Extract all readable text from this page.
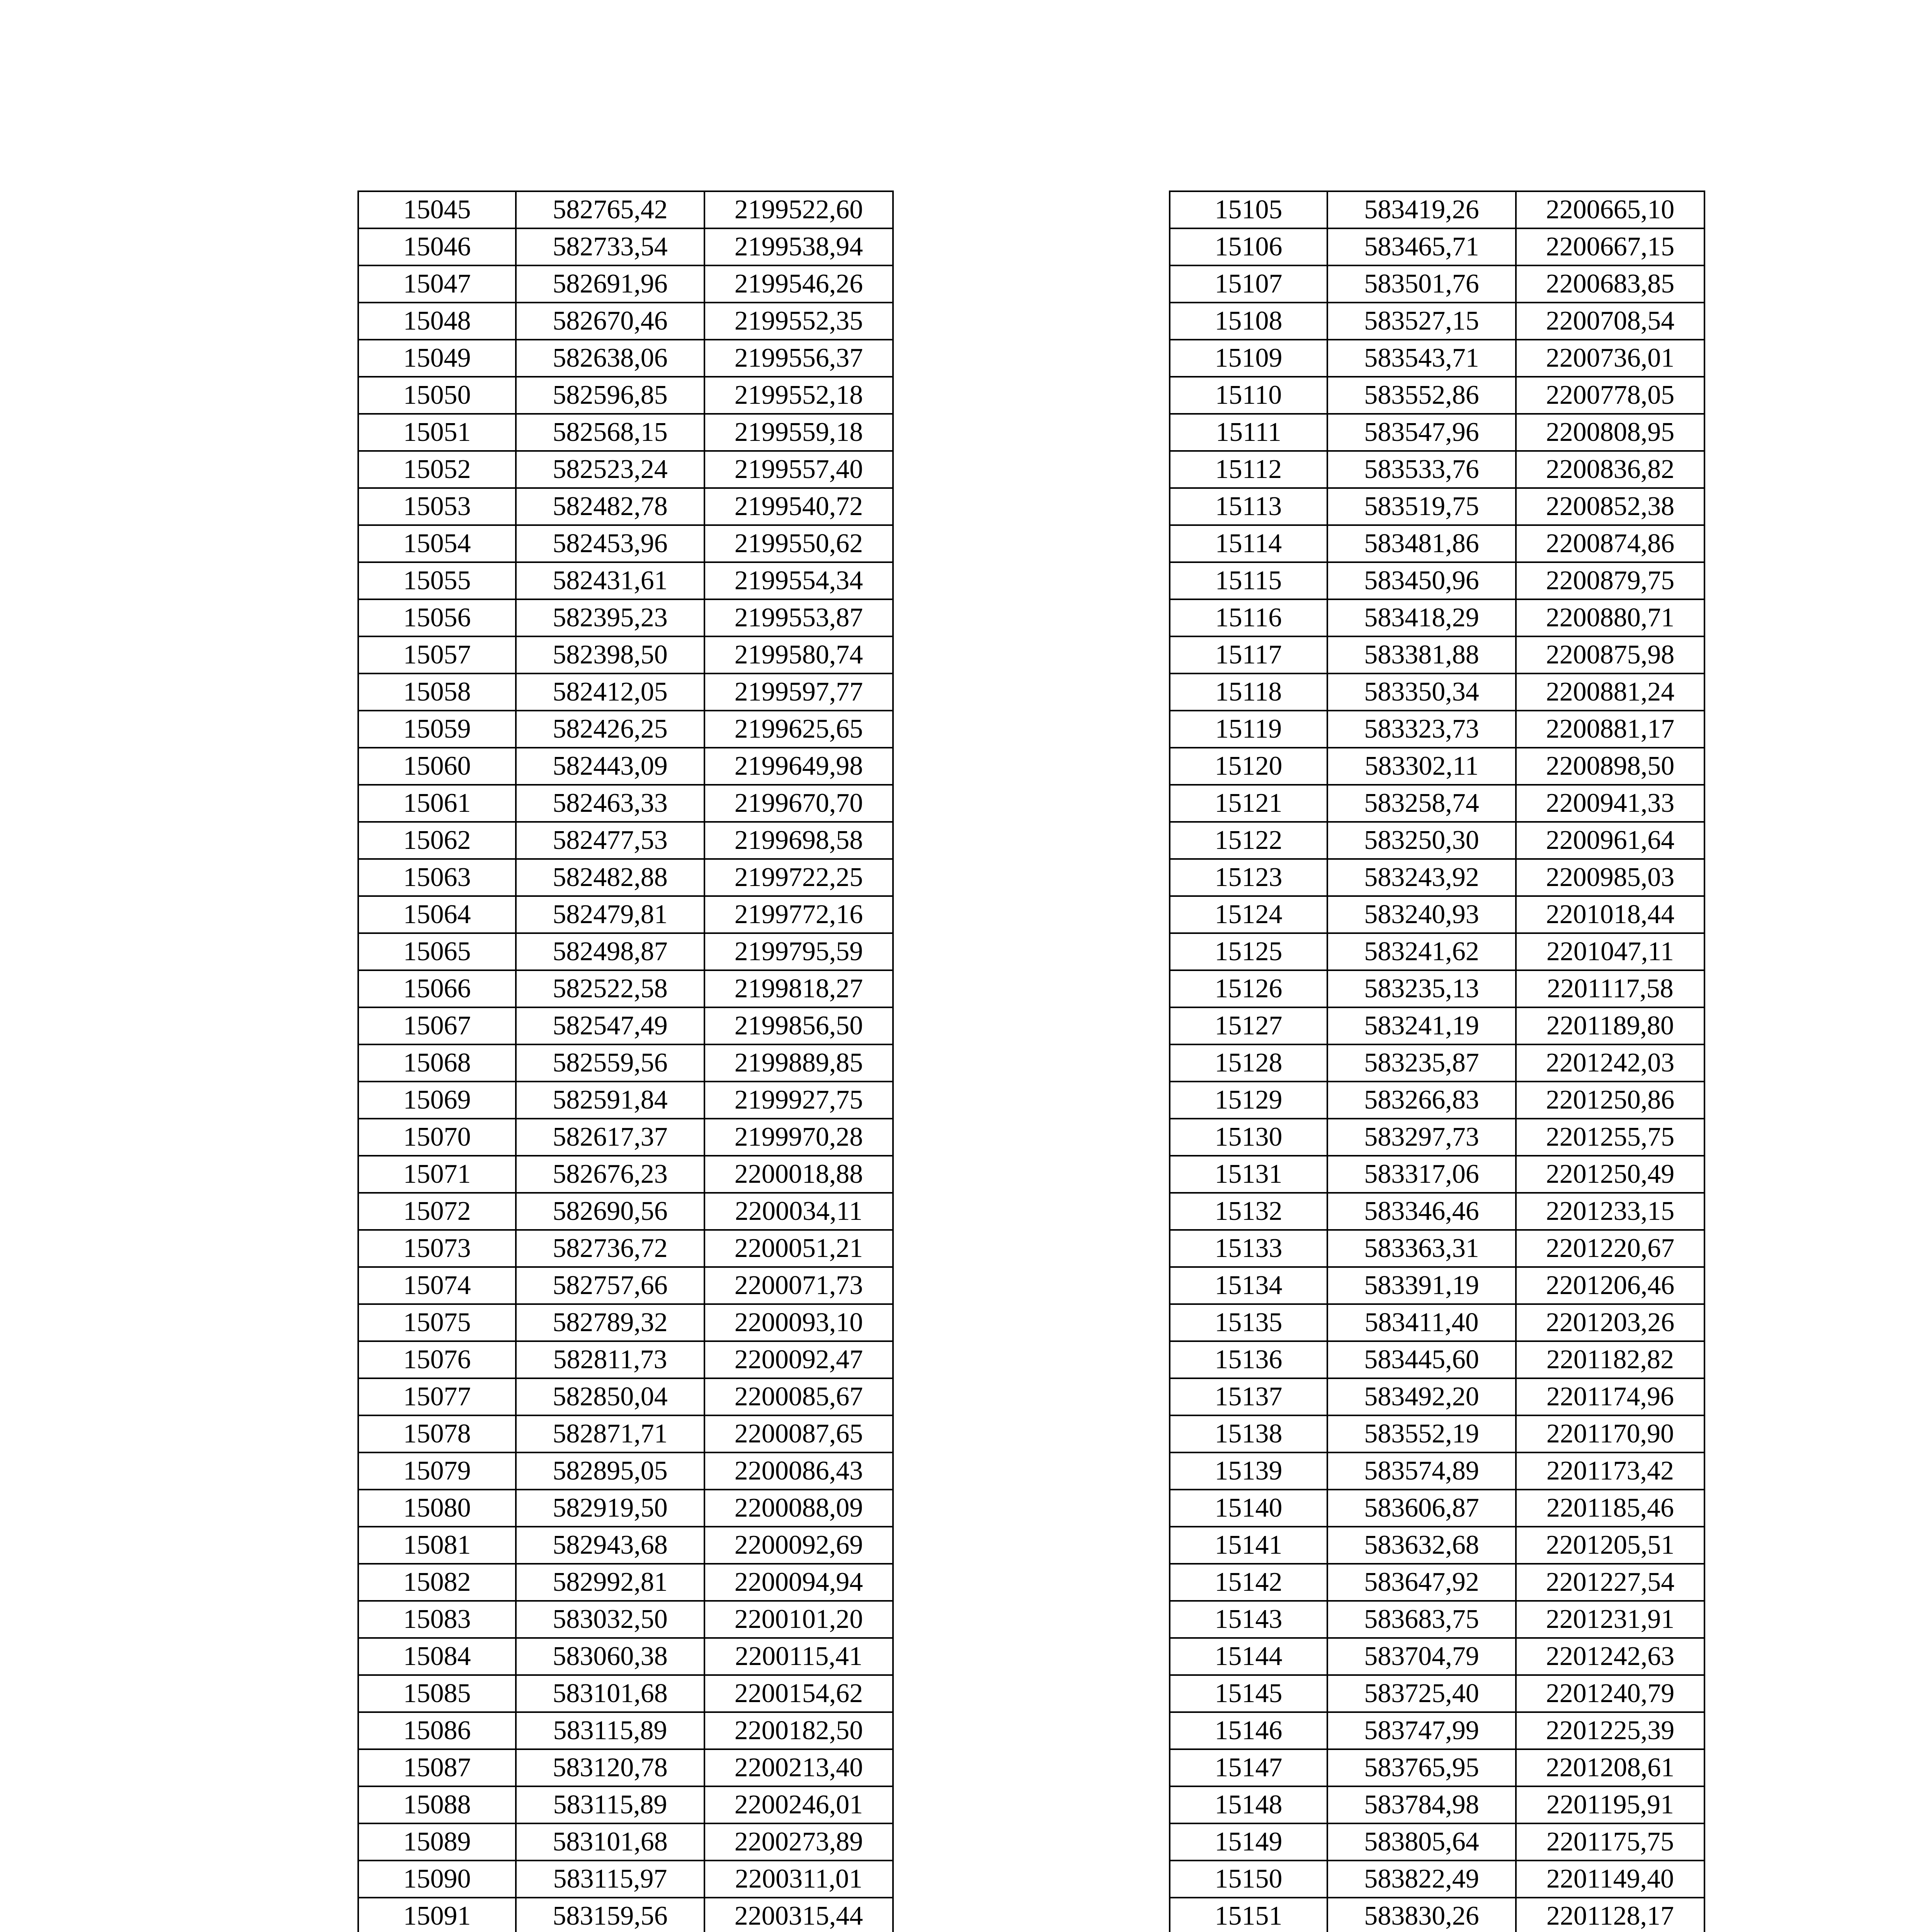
15045	582765,42	2199522,60
15046	582733,54	2199538,94
15047	582691,96	2199546,26
15048	582670,46	2199552,35
15049	582638,06	2199556,37
15050	582596,85	2199552,18
15051	582568,15	2199559,18
15052	582523,24	2199557,40
15053	582482,78	2199540,72
15054	582453,96	2199550,62
15055	582431,61	2199554,34
15056	582395,23	2199553,87
15057	582398,50	2199580,74
15058	582412,05	2199597,77
15059	582426,25	2199625,65
15060	582443,09	2199649,98
15061	582463,33	2199670,70
15062	582477,53	2199698,58
15063	582482,88	2199722,25
15064	582479,81	2199772,16
15065	582498,87	2199795,59
15066	582522,58	2199818,27
15067	582547,49	2199856,50
15068	582559,56	2199889,85
15069	582591,84	2199927,75
15070	582617,37	2199970,28
15071	582676,23	2200018,88
15072	582690,56	2200034,11
15073	582736,72	2200051,21
15074	582757,66	2200071,73
15075	582789,32	2200093,10
15076	582811,73	2200092,47
15077	582850,04	2200085,67
15078	582871,71	2200087,65
15079	582895,05	2200086,43
15080	582919,50	2200088,09
15081	582943,68	2200092,69
15082	582992,81	2200094,94
15083	583032,50	2200101,20
15084	583060,38	2200115,41
15085	583101,68	2200154,62
15086	583115,89	2200182,50
15087	583120,78	2200213,40
15088	583115,89	2200246,01
15089	583101,68	2200273,89
15090	583115,97	2200311,01
15091	583159,56	2200315,44

15105	583419,26	2200665,10
15106	583465,71	2200667,15
15107	583501,76	2200683,85
15108	583527,15	2200708,54
15109	583543,71	2200736,01
15110	583552,86	2200778,05
15111	583547,96	2200808,95
15112	583533,76	2200836,82
15113	583519,75	2200852,38
15114	583481,86	2200874,86
15115	583450,96	2200879,75
15116	583418,29	2200880,71
15117	583381,88	2200875,98
15118	583350,34	2200881,24
15119	583323,73	2200881,17
15120	583302,11	2200898,50
15121	583258,74	2200941,33
15122	583250,30	2200961,64
15123	583243,92	2200985,03
15124	583240,93	2201018,44
15125	583241,62	2201047,11
15126	583235,13	2201117,58
15127	583241,19	2201189,80
15128	583235,87	2201242,03
15129	583266,83	2201250,86
15130	583297,73	2201255,75
15131	583317,06	2201250,49
15132	583346,46	2201233,15
15133	583363,31	2201220,67
15134	583391,19	2201206,46
15135	583411,40	2201203,26
15136	583445,60	2201182,82
15137	583492,20	2201174,96
15138	583552,19	2201170,90
15139	583574,89	2201173,42
15140	583606,87	2201185,46
15141	583632,68	2201205,51
15142	583647,92	2201227,54
15143	583683,75	2201231,91
15144	583704,79	2201242,63
15145	583725,40	2201240,79
15146	583747,99	2201225,39
15147	583765,95	2201208,61
15148	583784,98	2201195,91
15149	583805,64	2201175,75
15150	583822,49	2201149,40
15151	583830,26	2201128,17
